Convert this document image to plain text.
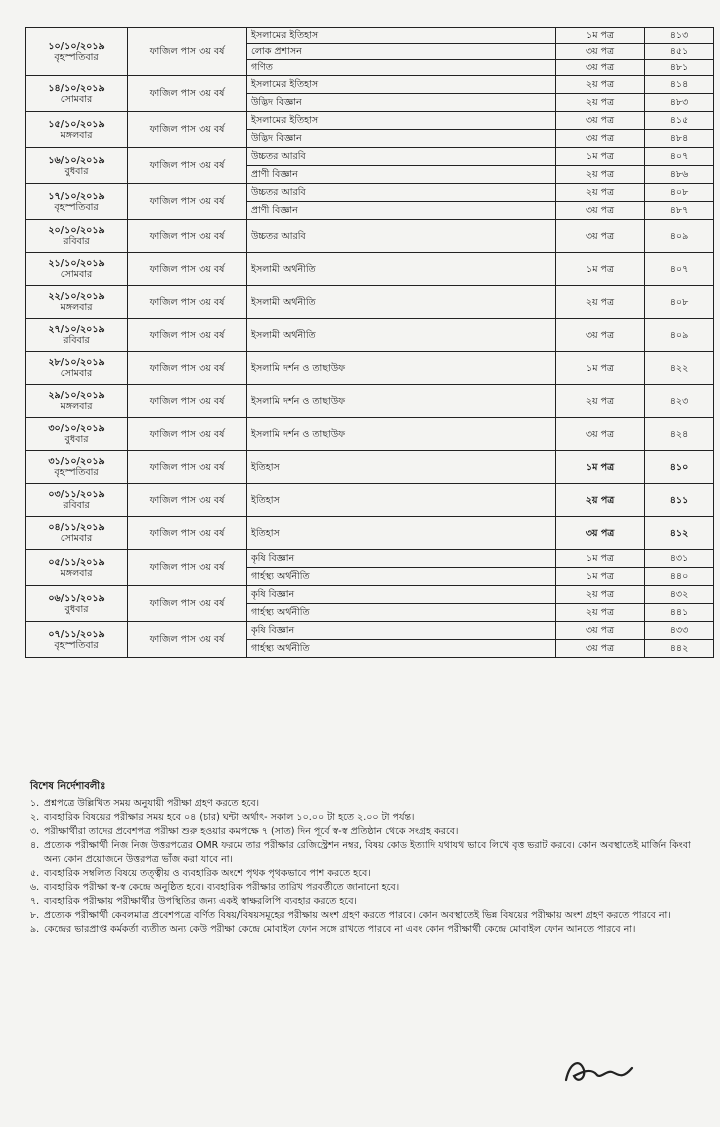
১০/১০/২০১৯
বৃহস্পতিবার	ফাজিল পাস ৩য় বর্ষ	ইসলামের ইতিহাস	১ম পত্র	৪১৩
		লোক প্রশাসন	৩য় পত্র	৪৫১
		গণিত	৩য় পত্র	৪৮১

১৪/১০/২০১৯
সোমবার	ফাজিল পাস ৩য় বর্ষ	ইসলামের ইতিহাস	২য় পত্র	৪১৪
		উদ্ভিদ বিজ্ঞান	২য় পত্র	৪৮৩

১৫/১০/২০১৯
মঙ্গলবার	ফাজিল পাস ৩য় বর্ষ	ইসলামের ইতিহাস	৩য় পত্র	৪১৫
		উদ্ভিদ বিজ্ঞান	৩য় পত্র	৪৮৪

১৬/১০/২০১৯
বুধবার	ফাজিল পাস ৩য় বর্ষ	উচ্চতর আরবি	১ম পত্র	৪০৭
		প্রাণী বিজ্ঞান	২য় পত্র	৪৮৬

১৭/১০/২০১৯
বৃহস্পতিবার	ফাজিল পাস ৩য় বর্ষ	উচ্চতর আরবি	২য় পত্র	৪০৮
		প্রাণী বিজ্ঞান	৩য় পত্র	৪৮৭

২০/১০/২০১৯
রবিবার	ফাজিল পাস ৩য় বর্ষ	উচ্চতর আরবি	৩য় পত্র	৪০৯

২১/১০/২০১৯
সোমবার	ফাজিল পাস ৩য় বর্ষ	ইসলামী অর্থনীতি	১ম পত্র	৪০৭

২২/১০/২০১৯
মঙ্গলবার	ফাজিল পাস ৩য় বর্ষ	ইসলামী অর্থনীতি	২য় পত্র	৪০৮

২৭/১০/২০১৯
রবিবার	ফাজিল পাস ৩য় বর্ষ	ইসলামী অর্থনীতি	৩য় পত্র	৪০৯

২৮/১০/২০১৯
সোমবার	ফাজিল পাস ৩য় বর্ষ	ইসলামি দর্শন ও তাছাউফ	১ম পত্র	৪২২

২৯/১০/২০১৯
মঙ্গলবার	ফাজিল পাস ৩য় বর্ষ	ইসলামি দর্শন ও তাছাউফ	২য় পত্র	৪২৩

৩০/১০/২০১৯
বুধবার	ফাজিল পাস ৩য় বর্ষ	ইসলামি দর্শন ও তাছাউফ	৩য় পত্র	৪২৪

৩১/১০/২০১৯
বৃহস্পতিবার	ফাজিল পাস ৩য় বর্ষ	ইতিহাস	১ম পত্র	৪১০

০৩/১১/২০১৯
রবিবার	ফাজিল পাস ৩য় বর্ষ	ইতিহাস	২য় পত্র	৪১১

০৪/১১/২০১৯
সোমবার	ফাজিল পাস ৩য় বর্ষ	ইতিহাস	৩য় পত্র	৪১২

০৫/১১/২০১৯
মঙ্গলবার	ফাজিল পাস ৩য় বর্ষ	কৃষি বিজ্ঞান	১ম পত্র	৪৩১
		গার্হস্থ্য অর্থনীতি	১ম পত্র	৪৪০

০৬/১১/২০১৯
বুধবার	ফাজিল পাস ৩য় বর্ষ	কৃষি বিজ্ঞান	২য় পত্র	৪৩২
		গার্হস্থ্য অর্থনীতি	২য় পত্র	৪৪১

০৭/১১/২০১৯
বৃহস্পতিবার	ফাজিল পাস ৩য় বর্ষ	কৃষি বিজ্ঞান	৩য় পত্র	৪৩৩
		গার্হস্থ্য অর্থনীতি	৩য় পত্র	৪৪২
বিশেষ নির্দেশাবলীঃ
১. প্রশ্নপত্রে উল্লিখিত সময় অনুযায়ী পরীক্ষা গ্রহণ করতে হবে।
২. ব্যবহারিক বিষয়ের পরীক্ষার সময় হবে ০৪ (চার) ঘন্টা অর্থাৎ- সকাল ১০.০০ টা হতে ২.০০ টা পর্যন্ত।
৩. পরীক্ষার্থীরা তাদের প্রবেশপত্র পরীক্ষা শুরু হওয়ার কমপক্ষে ৭ (সাত) দিন পূর্বে স্ব-স্ব প্রতিষ্ঠান থেকে সংগ্রহ করবে।
৪. প্রত্যেক পরীক্ষার্থী নিজ নিজ উত্তরপত্রের OMR ফরমে তার পরীক্ষার রেজিস্ট্রেশন নম্বর, বিষয় কোড ইত্যাদি যথাযথ ভাবে লিখে বৃত্ত ভরাট করবে। কোন অবস্থাতেই মার্জিন কিংবা অন্য কোন প্রয়োজনে উত্তরপত্র ভাঁজ করা যাবে না।
৫. ব্যবহারিক সম্বলিত বিষয়ে তত্ত্বীয় ও ব্যবহারিক অংশে পৃথক পৃথকভাবে পাশ করতে হবে।
৬. ব্যবহারিক পরীক্ষা স্ব-স্ব কেন্দ্রে অনুষ্ঠিত হবে। ব্যবহারিক পরীক্ষার তারিখ পরবর্তীতে জানানো হবে।
৭. ব্যবহারিক পরীক্ষায় পরীক্ষার্থীর উপস্থিতির জন্য একই স্বাক্ষরলিপি ব্যবহার করতে হবে।
৮. প্রত্যেক পরীক্ষার্থী কেবলমাত্র প্রবেশপত্রে বর্ণিত বিষয়/বিষয়সমূহের পরীক্ষায় অংশ গ্রহণ করতে পারবে। কোন অবস্থাতেই ভিন্ন বিষয়ের পরীক্ষায় অংশ গ্রহণ করতে পারবে না।
৯. কেন্দ্রের ভারপ্রাপ্ত কর্মকর্তা ব্যতীত অন্য কেউ পরীক্ষা কেন্দ্রে মোবাইল ফোন সঙ্গে রাখতে পারবে না এবং কোন পরীক্ষার্থী কেন্দ্রে মোবাইল ফোন আনতে পারবে না।
